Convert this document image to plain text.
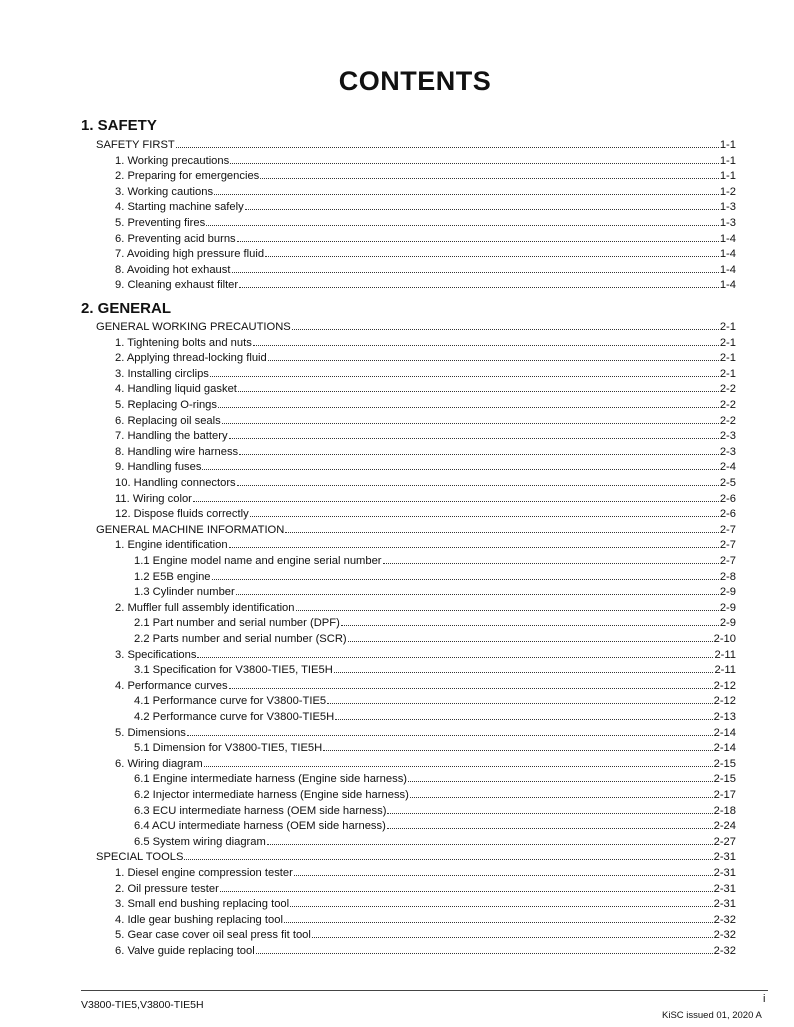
CONTENTS
1. SAFETY
2. GENERAL
SAFETY FIRST	1-1
1. Working precautions	1-1
2. Preparing for emergencies	1-1
3. Working cautions	1-2
4. Starting machine safely	1-3
5. Preventing fires	1-3
6. Preventing acid burns	1-4
7. Avoiding high pressure fluid	1-4
8. Avoiding hot exhaust	1-4
9. Cleaning exhaust filter	1-4
GENERAL WORKING PRECAUTIONS	2-1
1. Tightening bolts and nuts	2-1
2. Applying thread-locking fluid	2-1
3. Installing circlips	2-1
4. Handling liquid gasket	2-2
5. Replacing O-rings	2-2
6. Replacing oil seals	2-2
7. Handling the battery	2-3
8. Handling wire harness	2-3
9. Handling fuses	2-4
10. Handling connectors	2-5
11. Wiring color	2-6
12. Dispose fluids correctly	2-6
GENERAL MACHINE INFORMATION	2-7
1. Engine identification	2-7
1.1 Engine model name and engine serial number	2-7
1.2 E5B engine	2-8
1.3 Cylinder number	2-9
2. Muffler full assembly identification	2-9
2.1 Part number and serial number (DPF)	2-9
2.2 Parts number and serial number (SCR)	2-10
3. Specifications	2-11
3.1 Specification for V3800-TIE5, TIE5H	2-11
4. Performance curves	2-12
4.1 Performance curve for V3800-TIE5	2-12
4.2 Performance curve for V3800-TIE5H	2-13
5. Dimensions	2-14
5.1 Dimension for V3800-TIE5, TIE5H	2-14
6. Wiring diagram	2-15
6.1 Engine intermediate harness (Engine side harness)	2-15
6.2 Injector intermediate harness (Engine side harness)	2-17
6.3 ECU intermediate harness (OEM side harness)	2-18
6.4 ACU intermediate harness (OEM side harness)	2-24
6.5 System wiring diagram	2-27
SPECIAL TOOLS	2-31
1. Diesel engine compression tester	2-31
2. Oil pressure tester	2-31
3. Small end bushing replacing tool	2-31
4. Idle gear bushing replacing tool	2-32
5. Gear case cover oil seal press fit tool	2-32
6. Valve guide replacing tool	2-32
V3800-TIE5,V3800-TIE5H	i
KiSC issued 01, 2020 A
